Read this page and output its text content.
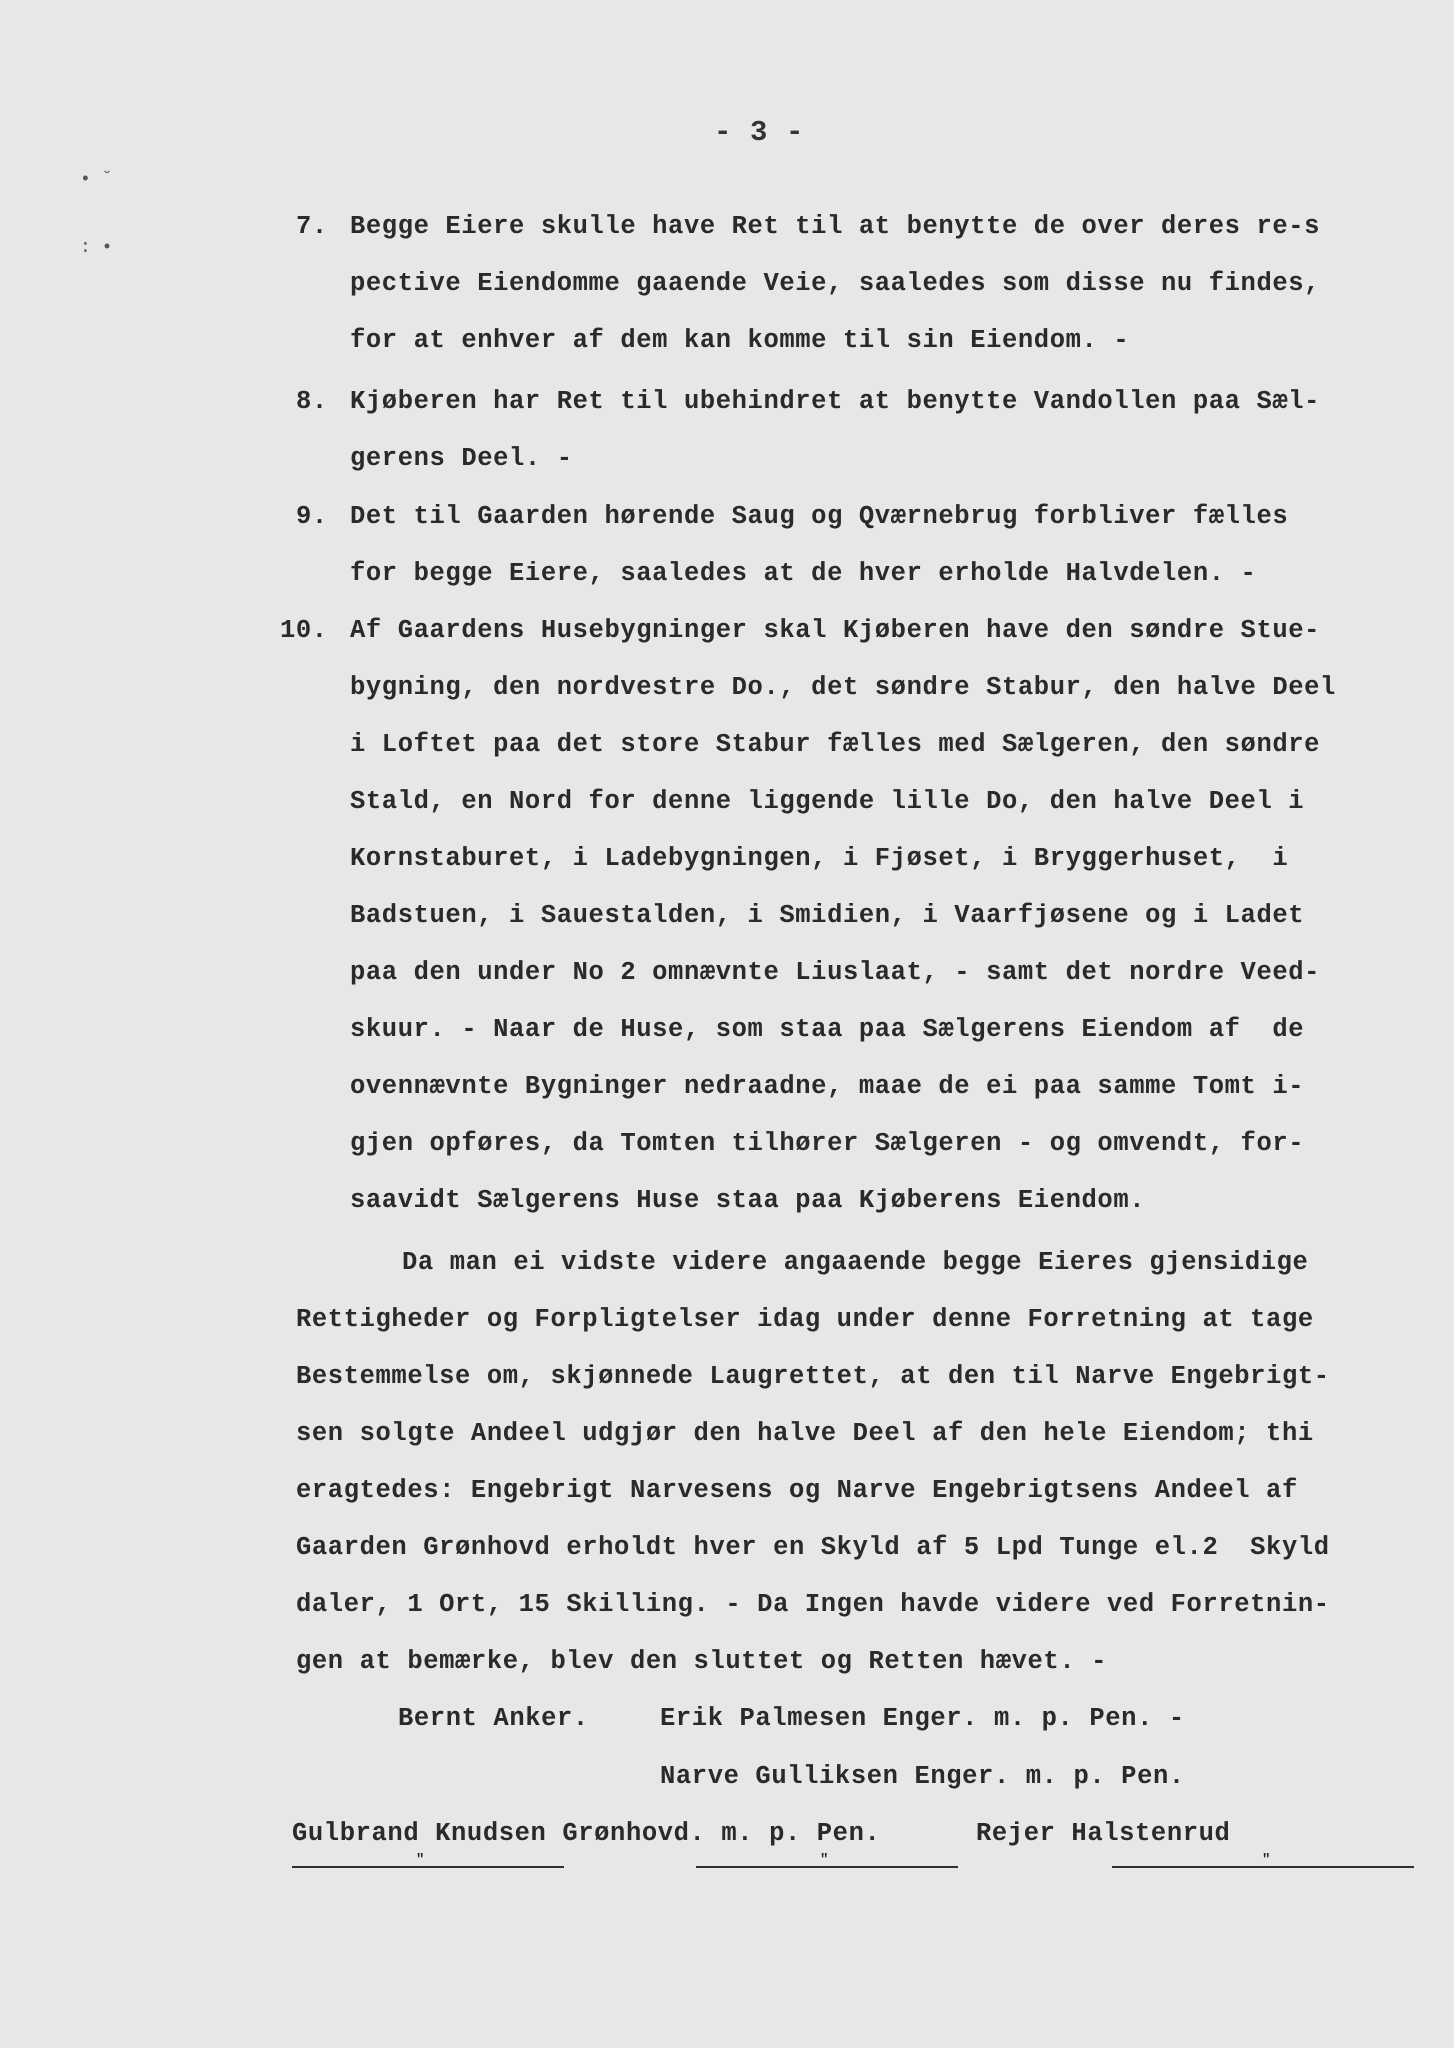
• ˘
: •

- 3 -

7.

Begge Eiere skulle have Ret til at benytte de over deres re-s

pective Eiendomme gaaende Veie, saaledes som disse nu findes,

for at enhver af dem kan komme til sin Eiendom. -

8.

Kjøberen har Ret til ubehindret at benytte Vandollen paa Sæl-

gerens Deel. -

9.

Det til Gaarden hørende Saug og Qværnebrug forbliver fælles

for begge Eiere, saaledes at de hver erholde Halvdelen. -

10.

Af Gaardens Husebygninger skal Kjøberen have den søndre Stue-

bygning, den nordvestre Do., det søndre Stabur, den halve Deel

i Loftet paa det store Stabur fælles med Sælgeren, den søndre

Stald, en Nord for denne liggende lille Do, den halve Deel i

Kornstaburet, i Ladebygningen, i Fjøset, i Bryggerhuset,  i

Badstuen, i Sauestalden, i Smidien, i Vaarfjøsene og i Ladet

paa den under No 2 omnævnte Liuslaat, - samt det nordre Veed-

skuur. - Naar de Huse, som staa paa Sælgerens Eiendom af  de

ovennævnte Bygninger nedraadne, maae de ei paa samme Tomt i-

gjen opføres, da Tomten tilhører Sælgeren - og omvendt, for-

saavidt Sælgerens Huse staa paa Kjøberens Eiendom.

Da man ei vidste videre angaaende begge Eieres gjensidige

Rettigheder og Forpligtelser idag under denne Forretning at tage

Bestemmelse om, skjønnede Laugrettet, at den til Narve Engebrigt-

sen solgte Andeel udgjør den halve Deel af den hele Eiendom; thi

eragtedes: Engebrigt Narvesens og Narve Engebrigtsens Andeel af

Gaarden Grønhovd erholdt hver en Skyld af 5 Lpd Tunge el.2  Skyld

daler, 1 Ort, 15 Skilling. - Da Ingen havde videre ved Forretnin-

gen at bemærke, blev den sluttet og Retten hævet. -

Bernt Anker.

	Erik Palmesen Enger. m. p. Pen. -

Narve Gulliksen Enger. m. p. Pen.

Gulbrand Knudsen Grønhovd. m. p. Pen.

	Rejer Halstenrud

"	"	"
